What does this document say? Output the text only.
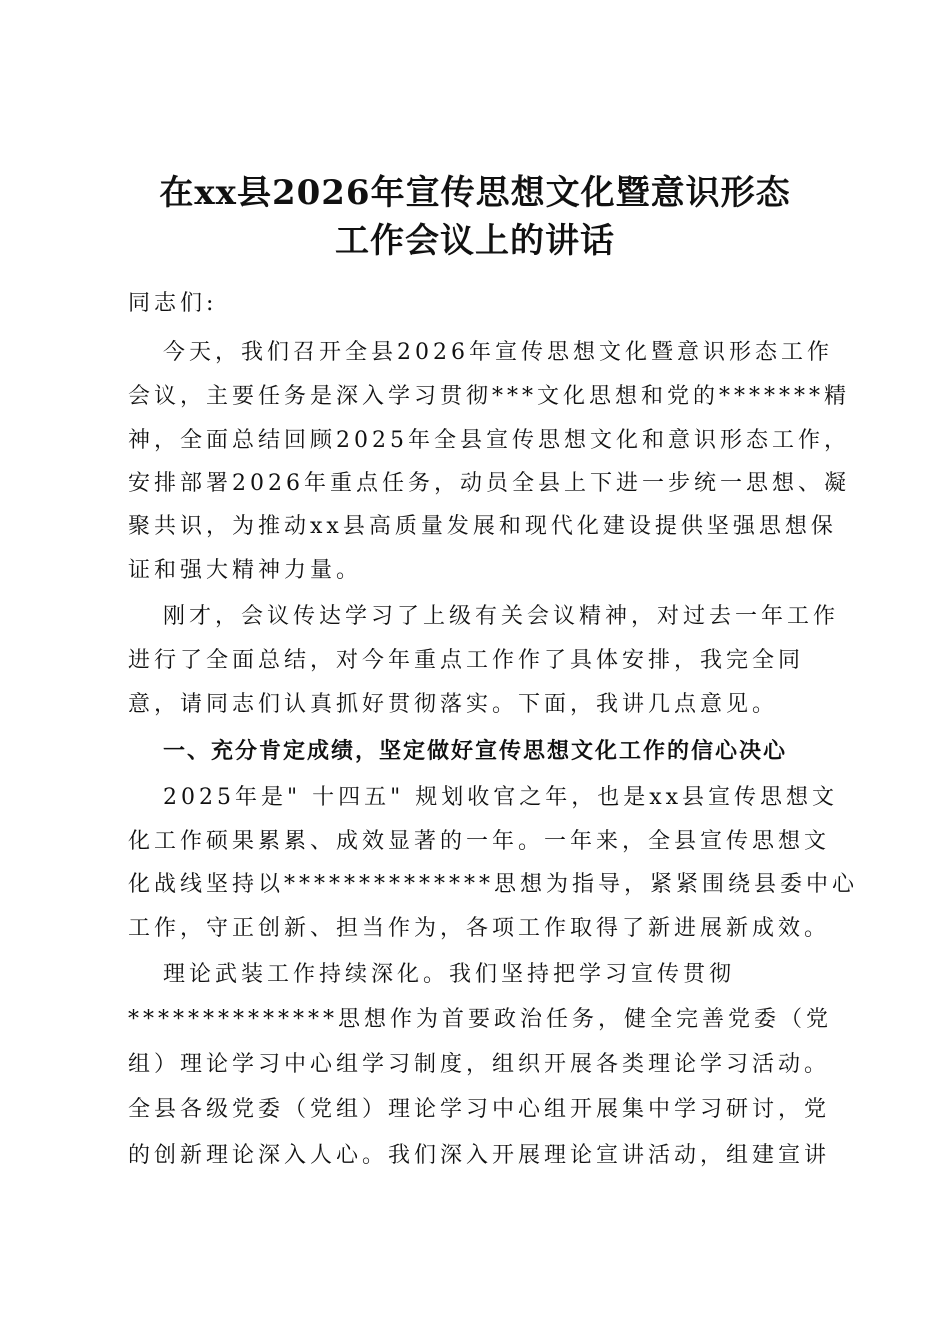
在xx县2026年宣传思想文化暨意识形态
工作会议上的讲话
同志们:
今天，我们召开全县2026年宣传思想文化暨意识形态工作
会议，主要任务是深入学习贯彻***文化思想和党的*******精
神，全面总结回顾2025年全县宣传思想文化和意识形态工作，
安排部署2026年重点任务，动员全县上下进一步统一思想、凝
聚共识，为推动xx县高质量发展和现代化建设提供坚强思想保
证和强大精神力量。
刚才，会议传达学习了上级有关会议精神，对过去一年工作
进行了全面总结，对今年重点工作作了具体安排，我完全同
意，请同志们认真抓好贯彻落实。下面，我讲几点意见。
一、充分肯定成绩，坚定做好宣传思想文化工作的信心决心
2025年是" 十四五" 规划收官之年，也是xx县宣传思想文
化工作硕果累累、成效显著的一年。一年来，全县宣传思想文
化战线坚持以**************思想为指导，紧紧围绕县委中心
工作，守正创新、担当作为，各项工作取得了新进展新成效。
理论武装工作持续深化。我们坚持把学习宣传贯彻
**************思想作为首要政治任务，健全完善党委（党
组）理论学习中心组学习制度，组织开展各类理论学习活动。
全县各级党委（党组）理论学习中心组开展集中学习研讨，党
的创新理论深入人心。我们深入开展理论宣讲活动，组建宣讲
